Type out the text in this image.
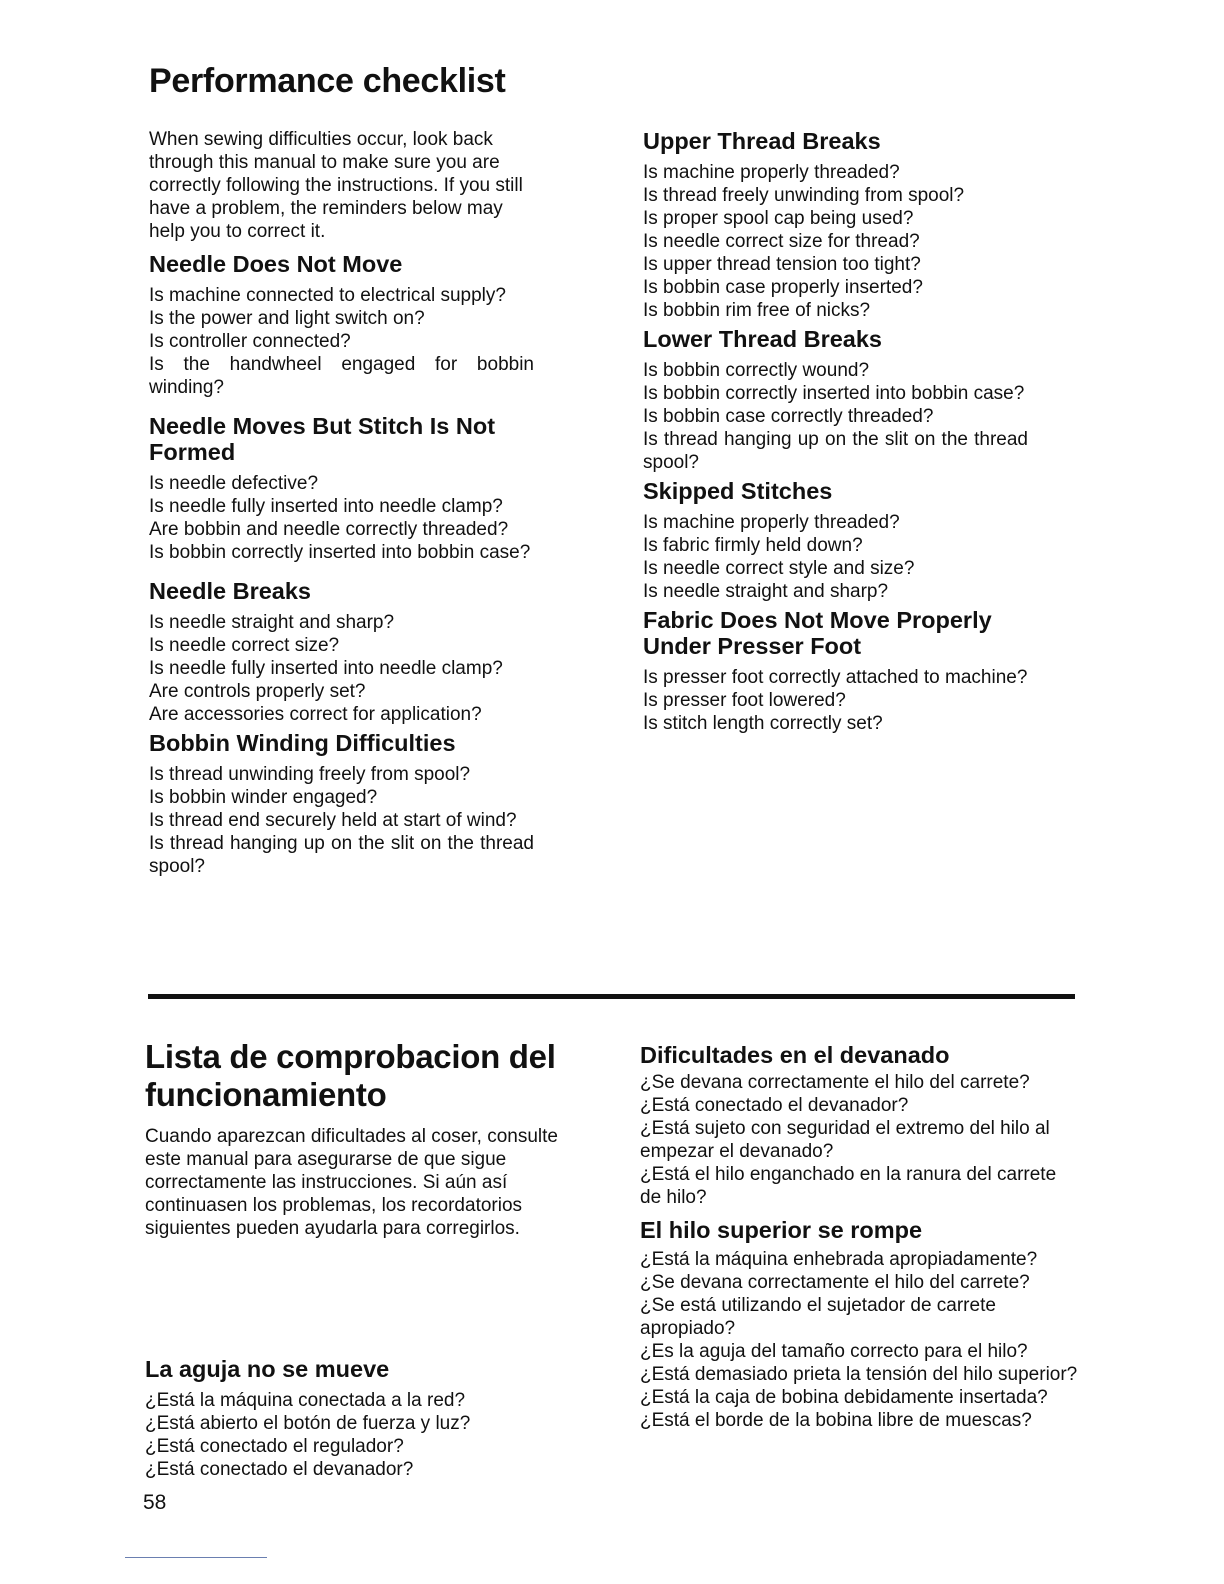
Performance checklist

When sewing difficulties occur, look back through this manual to make sure you are correctly following the instructions. If you still have a problem, the reminders below may help you to correct it.

Needle Does Not Move
Is machine connected to electrical supply?
Is the power and light switch on?
Is controller connected?
Is the handwheel engaged for bobbin winding?
Needle Moves But Stitch Is Not Formed
Is needle defective?
Is needle fully inserted into needle clamp?
Are bobbin and needle correctly threaded?
Is bobbin correctly inserted into bobbin case?
Needle Breaks
Is needle straight and sharp?
Is needle correct size?
Is needle fully inserted into needle clamp?
Are controls properly set?
Are accessories correct for application?
Bobbin Winding Difficulties
Is thread unwinding freely from spool?
Is bobbin winder engaged?
Is thread end securely held at start of wind?
Is thread hanging up on the slit on the thread spool?
Upper Thread Breaks
Is machine properly threaded?
Is thread freely unwinding from spool?
Is proper spool cap being used?
Is needle correct size for thread?
Is upper thread tension too tight?
Is bobbin case properly inserted?
Is bobbin rim free of nicks?
Lower Thread Breaks
Is bobbin correctly wound?
Is bobbin correctly inserted into bobbin case?
Is bobbin case correctly threaded?
Is thread hanging up on the slit on the thread spool?
Skipped Stitches
Is machine properly threaded?
Is fabric firmly held down?
Is needle correct style and size?
Is needle straight and sharp?
Fabric Does Not Move Properly Under Presser Foot
Is presser foot correctly attached to machine?
Is presser foot lowered?
Is stitch length correctly set?
Lista de comprobacion del funcionamiento

Cuando aparezcan dificultades al coser, consulte este manual para asegurarse de que sigue correctamente las instrucciones. Si aún así continuasen los problemas, los recordatorios siguientes pueden ayudarla para corregirlos.

La aguja no se mueve
¿Está la máquina conectada a la red?
¿Está abierto el botón de fuerza y luz?
¿Está conectado el regulador?
¿Está conectado el devanador?
Dificultades en el devanado
¿Se devana correctamente el hilo del carrete?
¿Está conectado el devanador?
¿Está sujeto con seguridad el extremo del hilo al empezar el devanado?
¿Está el hilo enganchado en la ranura del carrete de hilo?
El hilo superior se rompe
¿Está la máquina enhebrada apropiadamente?
¿Se devana correctamente el hilo del carrete?
¿Se está utilizando el sujetador de carrete apropiado?
¿Es la aguja del tamaño correcto para el hilo?
¿Está demasiado prieta la tensión del hilo superior?
¿Está la caja de bobina debidamente insertada?
¿Está el borde de la bobina libre de muescas?
58
